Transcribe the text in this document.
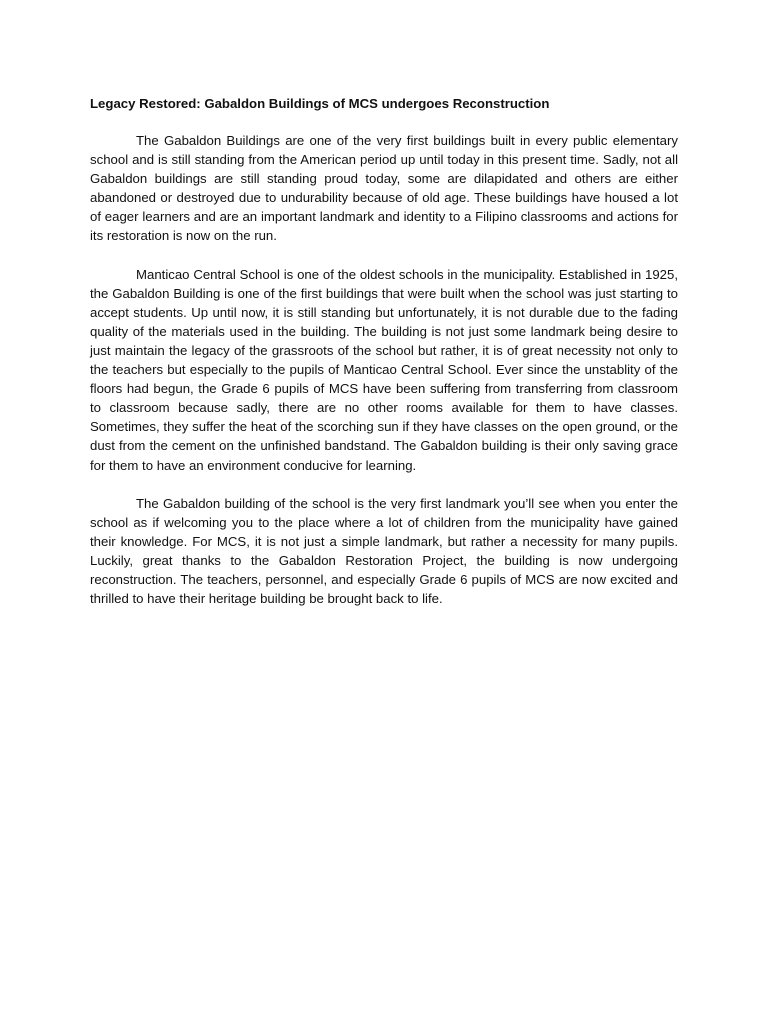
Legacy Restored: Gabaldon Buildings of MCS undergoes Reconstruction

The Gabaldon Buildings are one of the very first buildings built in every public elementary school and is still standing from the American period up until today in this present time. Sadly, not all Gabaldon buildings are still standing proud today, some are dilapidated and others are either abandoned or destroyed due to undurability because of old age. These buildings have housed a lot of eager learners and are an important landmark and identity to a Filipino classrooms and actions for its restoration is now on the run.

Manticao Central School is one of the oldest schools in the municipality. Established in 1925, the Gabaldon Building is one of the first buildings that were built when the school was just starting to accept students. Up until now, it is still standing but unfortunately, it is not durable due to the fading quality of the materials used in the building. The building is not just some landmark being desire to just maintain the legacy of the grassroots of the school but rather, it is of great necessity not only to the teachers but especially to the pupils of Manticao Central School. Ever since the unstablity of the floors had begun, the Grade 6 pupils of MCS have been suffering from transferring from classroom to classroom because sadly, there are no other rooms available for them to have classes. Sometimes, they suffer the heat of the scorching sun if they have classes on the open ground, or the dust from the cement on the unfinished bandstand. The Gabaldon building is their only saving grace for them to have an environment conducive for learning.

The Gabaldon building of the school is the very first landmark you’ll see when you enter the school as if welcoming you to the place where a lot of children from the municipality have gained their knowledge. For MCS, it is not just a simple landmark, but rather a necessity for many pupils. Luckily, great thanks to the Gabaldon Restoration Project, the building is now undergoing reconstruction. The teachers, personnel, and especially Grade 6 pupils of MCS are now excited and thrilled to have their heritage building be brought back to life.
